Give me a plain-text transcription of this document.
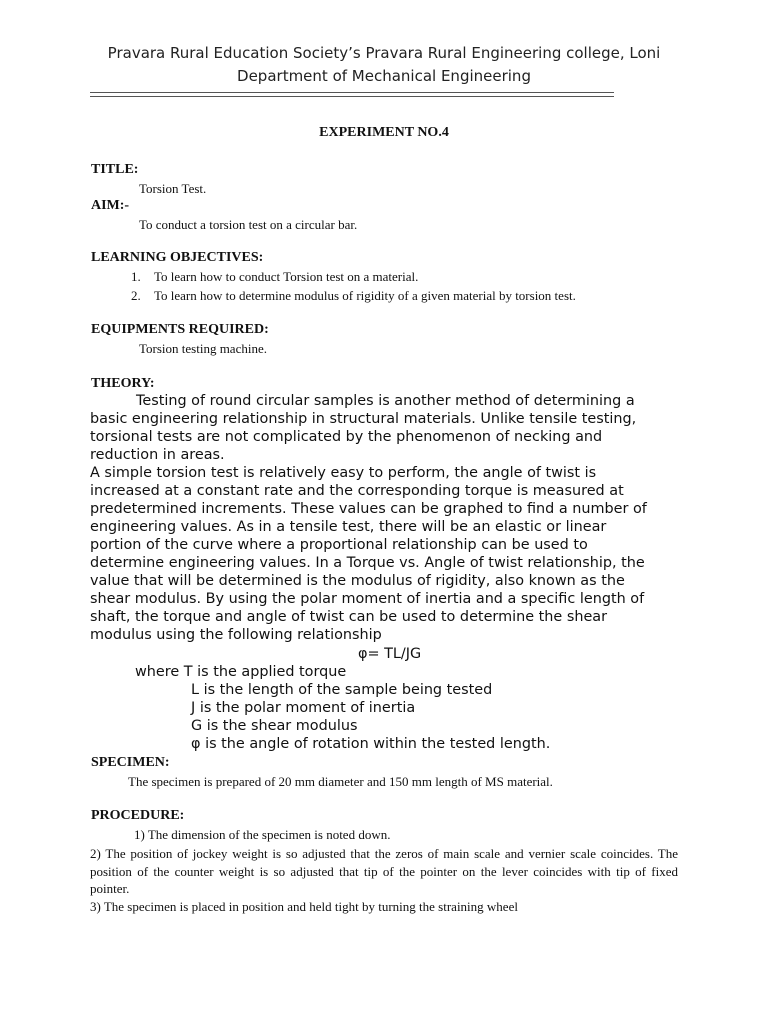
Pravara Rural Education Society’s Pravara Rural Engineering college, Loni
Department of Mechanical Engineering
EXPERIMENT NO.4
TITLE:
Torsion Test.
AIM:-
To conduct a torsion test on a circular bar.
LEARNING OBJECTIVES:
1. To learn how to conduct Torsion test on a material.
2. To learn how to determine modulus of rigidity of a given material by torsion test.
EQUIPMENTS REQUIRED:
Torsion testing machine.
THEORY:
Testing of round circular samples is another method of determining a
basic engineering relationship in structural materials. Unlike tensile testing,
torsional tests are not complicated by the phenomenon of necking and
reduction in areas.
A simple torsion test is relatively easy to perform, the angle of twist is
increased at a constant rate and the corresponding torque is measured at
predetermined increments. These values can be graphed to find a number of
engineering values. As in a tensile test, there will be an elastic or linear
portion of the curve where a proportional relationship can be used to
determine engineering values. In a Torque vs. Angle of twist relationship, the
value that will be determined is the modulus of rigidity, also known as the
shear modulus. By using the polar moment of inertia and a specific length of
shaft, the torque and angle of twist can be used to determine the shear
modulus using the following relationship
φ= TL/JG
where T is the applied torque
L is the length of the sample being tested
J is the polar moment of inertia
G is the shear modulus
φ is the angle of rotation within the tested length.
SPECIMEN:
The specimen is prepared of 20 mm diameter and 150 mm length of MS material.
PROCEDURE:
1) The dimension of the specimen is noted down.
2) The position of jockey weight is so adjusted that the zeros of main scale and vernier scale coincides. The position of the counter weight is so adjusted that tip of the pointer on the lever coincides with tip of fixed pointer.
3) The specimen is placed in position and held tight by turning the straining wheel
